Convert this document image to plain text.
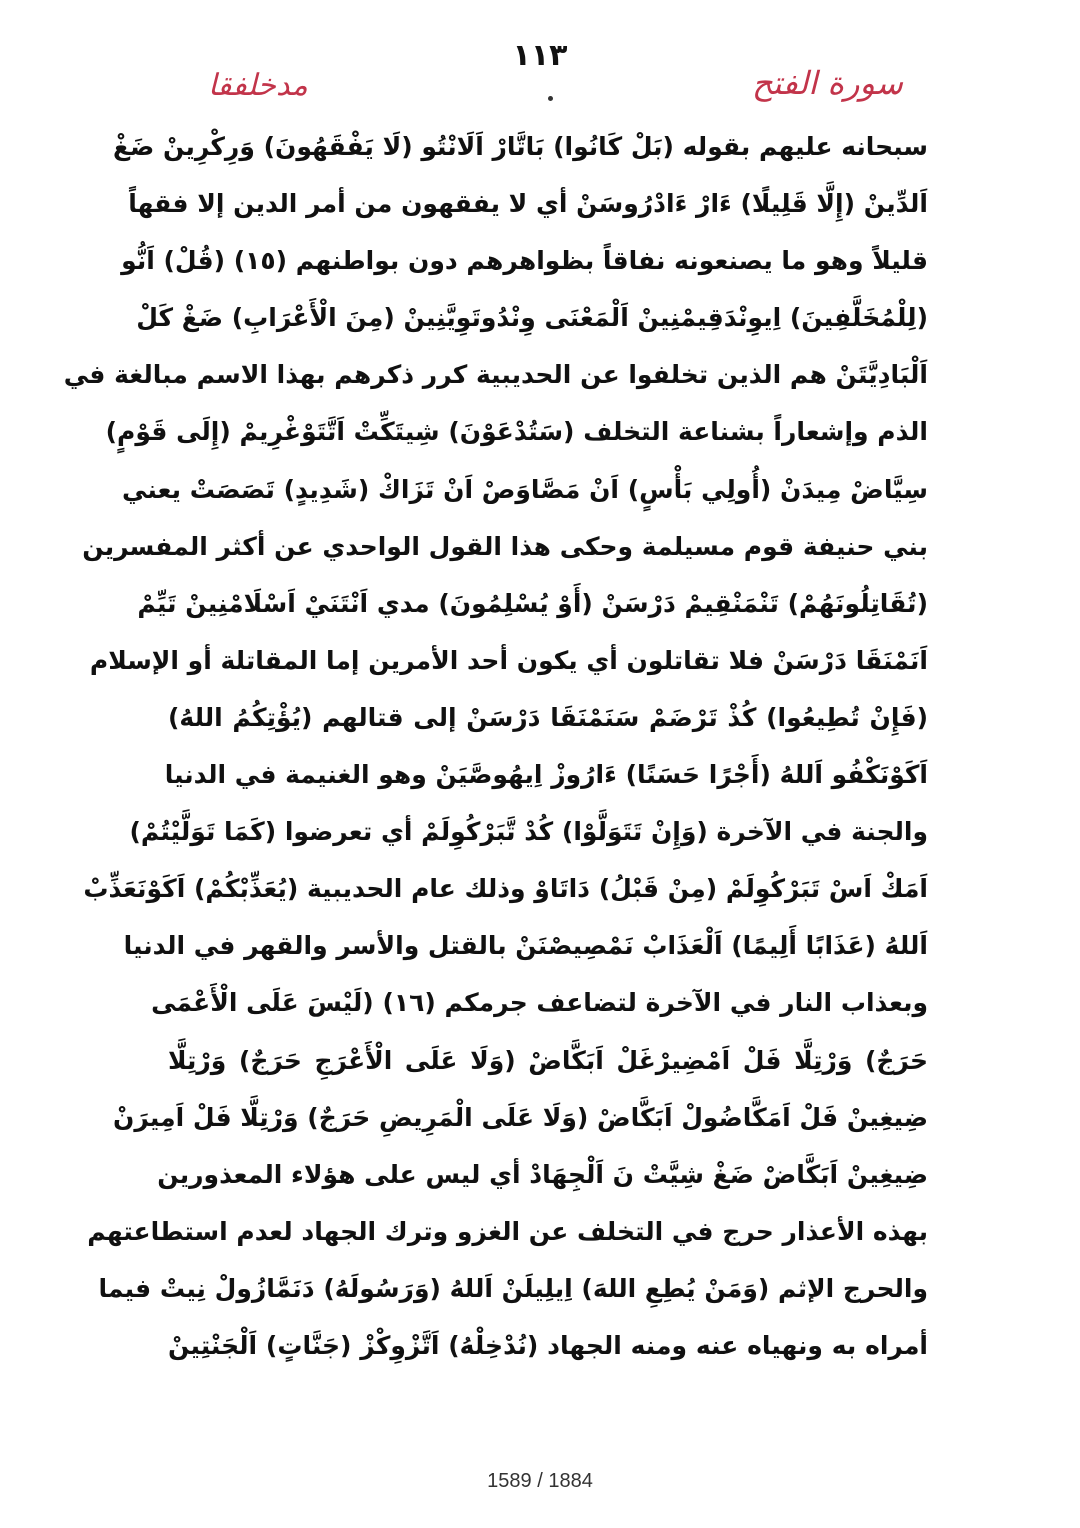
١١٣
مدخلفقا	سورة الفتح
سبحانه عليهم بقوله (بَلْ كَانُوا) بَاتَّارْ اَلَانْتُو (لَا يَفْقَهُونَ) وَرِكْرِينْ ضَغْ
اَلدِّينْ (إِلَّا قَلِيلًا) ءَارْ ءَادْرُوسَنْ أي لا يفقهون من أمر الدين إلا فقهاً
قليلاً وهو ما يصنعونه نفاقاً بظواهرهم دون بواطنهم (١٥) (قُلْ) اَنُّو
(لِلْمُخَلَّفِينَ) اِيوِنْدَقِيمْنِينْ اَلْمَعْنَى وِنْدُوتَوِيَّنِينْ (مِنَ الْأَعْرَابِ) ضَغْ كَلْ
اَلْبَادِيَّتَنْ هم الذين تخلفوا عن الحديبية كرر ذكرهم بهذا الاسم مبالغة في
الذم وإشعاراً بشناعة التخلف (سَتُدْعَوْنَ) شِيتَكِّتْ اَتَّتَوْغْرِيمْ (إِلَى قَوْمٍ)
سِيَّاضْ مِيدَنْ (أُولِي بَأْسٍ) اَنْ مَصَّاوَصْ اَنْ تَزَاكْ (شَدِيدٍ) تَصَصَتْ يعني
بني حنيفة قوم مسيلمة وحكى هذا القول الواحدي عن أكثر المفسرين
(تُقَاتِلُونَهُمْ) تَنْمَنْقِيمْ دَرْسَنْ (أَوْ يُسْلِمُونَ) مدي اَنْتَنَيْ اَسْلَامْنِينْ تَيِّمْ
اَنَمْنَقَا دَرْسَنْ فلا تقاتلون أي يكون أحد الأمرين إما المقاتلة أو الإسلام
(فَإِنْ تُطِيعُوا) كُذْ تَرْضَمْ سَنَمْنَقَا دَرْسَنْ إلى قتالهم (يُؤْتِكُمُ اللهُ)
اَكَوْنَكْفُو اَللهُ (أَجْرًا حَسَنًا) ءَارُوزْ اِيهُوصَّيَنْ وهو الغنيمة في الدنيا
والجنة في الآخرة (وَإِنْ تَتَوَلَّوْا) كُدْ تَّبَرْكُوِلَمْ أي تعرضوا (كَمَا تَوَلَّيْتُمْ)
اَمَكْ اَسْ تَبَرْكُوِلَمْ (مِنْ قَبْلُ) دَاتَاوْ وذلك عام الحديبية (يُعَذِّبْكُمْ) اَكَوْنَعَذِّبْ
اَللهُ (عَذَابًا أَلِيمًا) اَلْعَذَابْ نَمْصِيصْنَنْ بالقتل والأسر والقهر في الدنيا
وبعذاب النار في الآخرة لتضاعف جرمكم (١٦) (لَيْسَ عَلَى الْأَعْمَى
حَرَجٌ) وَرْتِلَّا فَلْ اَمْضِيرْغَلْ اَبَكَّاضْ (وَلَا عَلَى الْأَعْرَجِ حَرَجٌ) وَرْتِلَّا
ضِيغِينْ فَلْ اَمَكَّاضُولْ اَبَكَّاضْ (وَلَا عَلَى الْمَرِيضِ حَرَجٌ) وَرْتِلَّا فَلْ اَمِيرَنْ
ضِيغِينْ اَبَكَّاضْ ضَغْ شِيَّتْ نَ اَلْجِهَادْ أي ليس على هؤلاء المعذورين
بهذه الأعذار حرج في التخلف عن الغزو وترك الجهاد لعدم استطاعتهم
والحرج الإثم (وَمَنْ يُطِعِ اللهَ) اِيلِيلَنْ اَللهُ (وَرَسُولَهُ) دَنَمَّازُولْ نِيتْ فيما
أمراه به ونهياه عنه ومنه الجهاد (نُدْخِلْهُ) اَتَّزْوِكْزْ (جَنَّاتٍ) اَلْجَنْتِينْ
1589 / 1884
